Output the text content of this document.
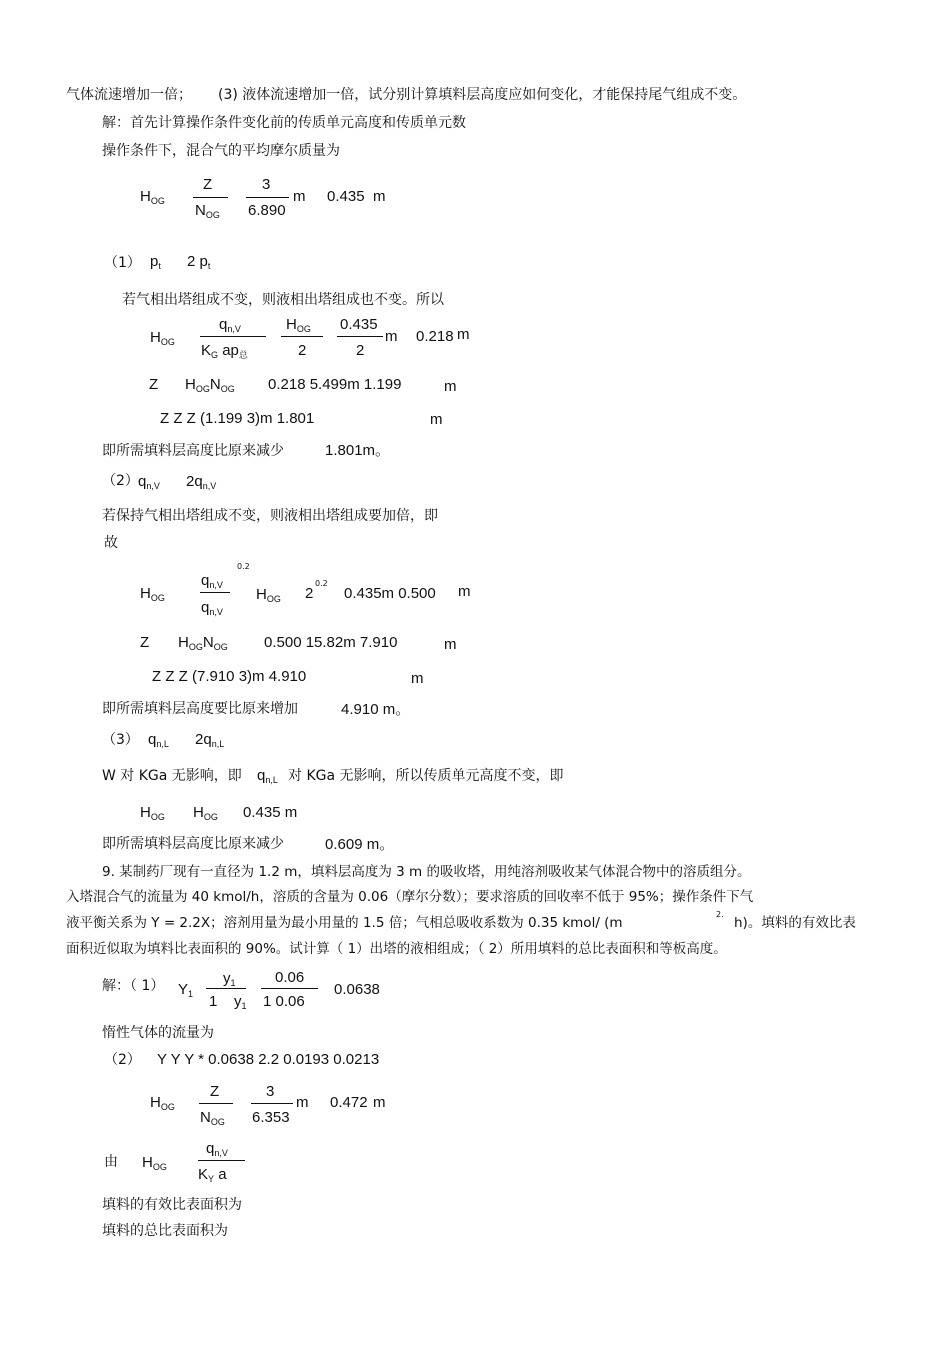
气体流速增加一倍； (3) 液体流速增加一倍，试分别计算填料层高度应如何变化，才能保持尾气组成不变。
解：首先计算操作条件变化前的传质单元高度和传质单元数
操作条件下，混合气的平均摩尔质量为
$H_{OG}$
Z
$N_{OG}$
3
6.890
m 0.435 m
（1） $p_t$ 2 $p_t$
若气相出塔组成不变，则液相出塔组成也不变。所以
$H_{OG}$
$q_{n,V}$
$K_G$ $ap_总$
$H_{OG}$
2
0.435
2
m 0.218 m
Z $H_{OG}N_{OG}$ 0.218 5.499m 1.199	m
Z Z Z (1.199 3)m 1.801	m
即所需填料层高度比原来减少	1.801m。
（2） $q_{n,V}$ $2q_{n,V}$
若保持气相出塔组成不变，则液相出塔组成要加倍，即
故
$H_{OG}$
$q_{n,V}$
$q_{n,V}$
0.2
$H_{OG}$ 2
0.2
0.435m 0.500 m
Z $H_{OG}N_{OG}$ 0.500 15.82m 7.910	m
Z Z Z (7.910 3)m 4.910	m
即所需填料层高度要比原来增加	4.910 m。
（3） $q_{n,L}$ $2q_{n,L}$
W 对 KGa 无影响，即 $q_{n,L}$ 对 KGa 无影响，所以传质单元高度不变，即
$H_{OG}$ $H_{OG}$ 0.435 m
即所需填料层高度比原来减少	0.609 m。
9. 某制药厂现有一直径为 1.2 m，填料层高度为 3 m 的吸收塔，用纯溶剂吸收某气体混合物中的溶质组分。
入塔混合气的流量为 40 kmol/h，溶质的含量为 0.06（摩尔分数）；要求溶质的回收率不低于 95%；操作条件下气
液平衡关系为 Y = 2.2X；溶剂用量为最小用量的 1.5 倍；气相总吸收系数为 0.35 kmol/ (m
2.
h)。填料的有效比表
面积近似取为填料比表面积的 90%。试计算（ 1）出塔的液相组成；（ 2）所用填料的总比表面积和等板高度。
解：（ 1） $Y_1$
$y_1$
1 $y_1$
0.06
1 0.06
0.0638
惰性气体的流量为
（2） Y Y Y * 0.0638 2.2 0.0193 0.0213
$H_{OG}$
Z
$N_{OG}$
3
6.353
m 0.472 m
由 $H_{OG}$
$q_{n,V}$
$K_Y$ a
填料的有效比表面积为
填料的总比表面积为
